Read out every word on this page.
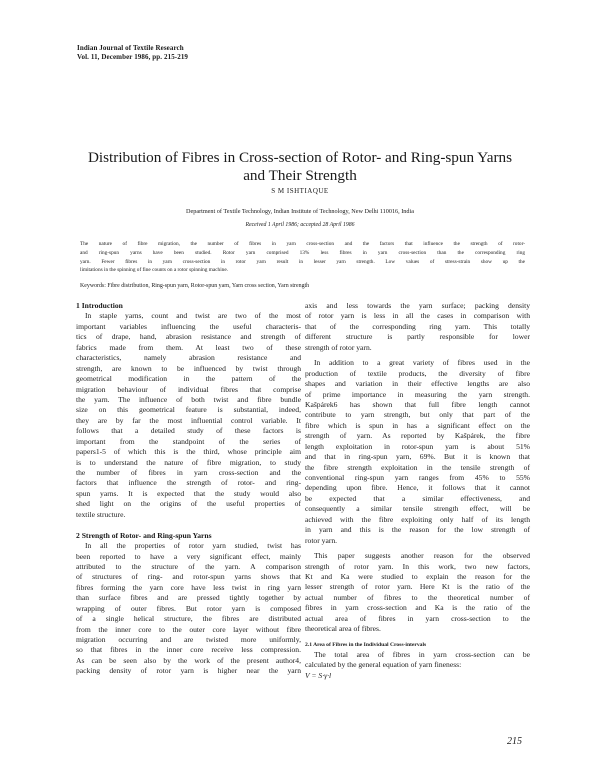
Indian Journal of Textile Research
Vol. 11, December 1986, pp. 215-219
Distribution of Fibres in Cross-section of Rotor- and Ring-spun Yarns
and Their Strength
S M ISHTIAQUE
Department of Textile Technology, Indian Institute of Technology, New Delhi 110016, India
Received 1 April 1986; accepted 28 April 1986
The nature of fibre migration, the number of fibres in yarn cross-section and the factors that influence the strength of rotor-
and ring-spun yarns have been studied. Rotor yarn comprised 13% less fibres in yarn cross-section than the corresponding ring
yarn. Fewer fibres in yarn cross-section in rotor yarn result in lesser yarn strength. Low values of stress-strain show up the
limitations in the spinning of fine counts on a rotor spinning machine.
Keywords: Fibre distribution, Ring-spun yarn, Rotor-spun yarn, Yarn cross section, Yarn strength
1 Introduction
In staple yarns, count and twist are two of the most
important variables influencing the useful characteris-
tics of drape, hand, abrasion resistance and strength of
fabrics made from them. At least two of these
characteristics, namely abrasion resistance and
strength, are known to be influenced by twist through
geometrical modification in the pattern of the
migration behaviour of individual fibres that comprise
the yarn. The influence of both twist and fibre bundle
size on this geometrical feature is substantial, indeed,
they are by far the most influential control variable. It
follows that a detailed study of these factors is
important from the standpoint of the series of
papers1-5 of which this is the third, whose principle aim
is to understand the nature of fibre migration, to study
the number of fibres in yarn cross-section and the
factors that influence the strength of rotor- and ring-
spun yarns. It is expected that the study would also
shed light on the origins of the useful properties of
textile structure.
2 Strength of Rotor- and Ring-spun Yarns
In all the properties of rotor yarn studied, twist has
been reported to have a very significant effect, mainly
attributed to the structure of the yarn. A comparison
of structures of ring- and rotor-spun yarns shows that
fibres forming the yarn core have less twist in ring yarn
than surface fibres and are pressed tightly together by
wrapping of outer fibres. But rotor yarn is composed
of a single helical structure, the fibres are distributed
from the inner core to the outer core layer without fibre
migration occurring and are twisted more uniformly,
so that fibres in the inner core receive less compression.
As can be seen also by the work of the present author4,
packing density of rotor yarn is higher near the yarn
axis and less towards the yarn surface; packing density
of rotor yarn is less in all the cases in comparison with
that of the corresponding ring yarn. This totally
different structure is partly responsible for lower
strength of rotor yarn.
In addition to a great variety of fibres used in the
production of textile products, the diversity of fibre
shapes and variation in their effective lengths are also
of prime importance in measuring the yarn strength.
Kašpárek6 has shown that full fibre length cannot
contribute to yarn strength, but only that part of the
fibre which is spun in has a significant effect on the
strength of yarn. As reported by Kašpárek, the fibre
length exploitation in rotor-spun yarn is about 51%
and that in ring-spun yarn, 69%. But it is known that
the fibre strength exploitation in the tensile strength of
conventional ring-spun yarn ranges from 45% to 55%
depending upon fibre. Hence, it follows that it cannot
be expected that a similar effectiveness, and
consequently a similar tensile strength effect, will be
achieved with the fibre exploiting only half of its length
in yarn and this is the reason for the low strength of
rotor yarn.
This paper suggests another reason for the observed
strength of rotor yarn. In this work, two new factors,
Kt and Ka were studied to explain the reason for the
lesser strength of rotor yarn. Here Kt is the ratio of the
actual number of fibres to the theoretical number of
fibres in yarn cross-section and Ka is the ratio of the
actual area of fibres in yarn cross-section to the
theoretical area of fibres.
2.1 Area of Fibres in the Individual Cross-intervals
The total area of fibres in yarn cross-section can be
calculated by the general equation of yarn fineness:
V = S·γ·l
215
